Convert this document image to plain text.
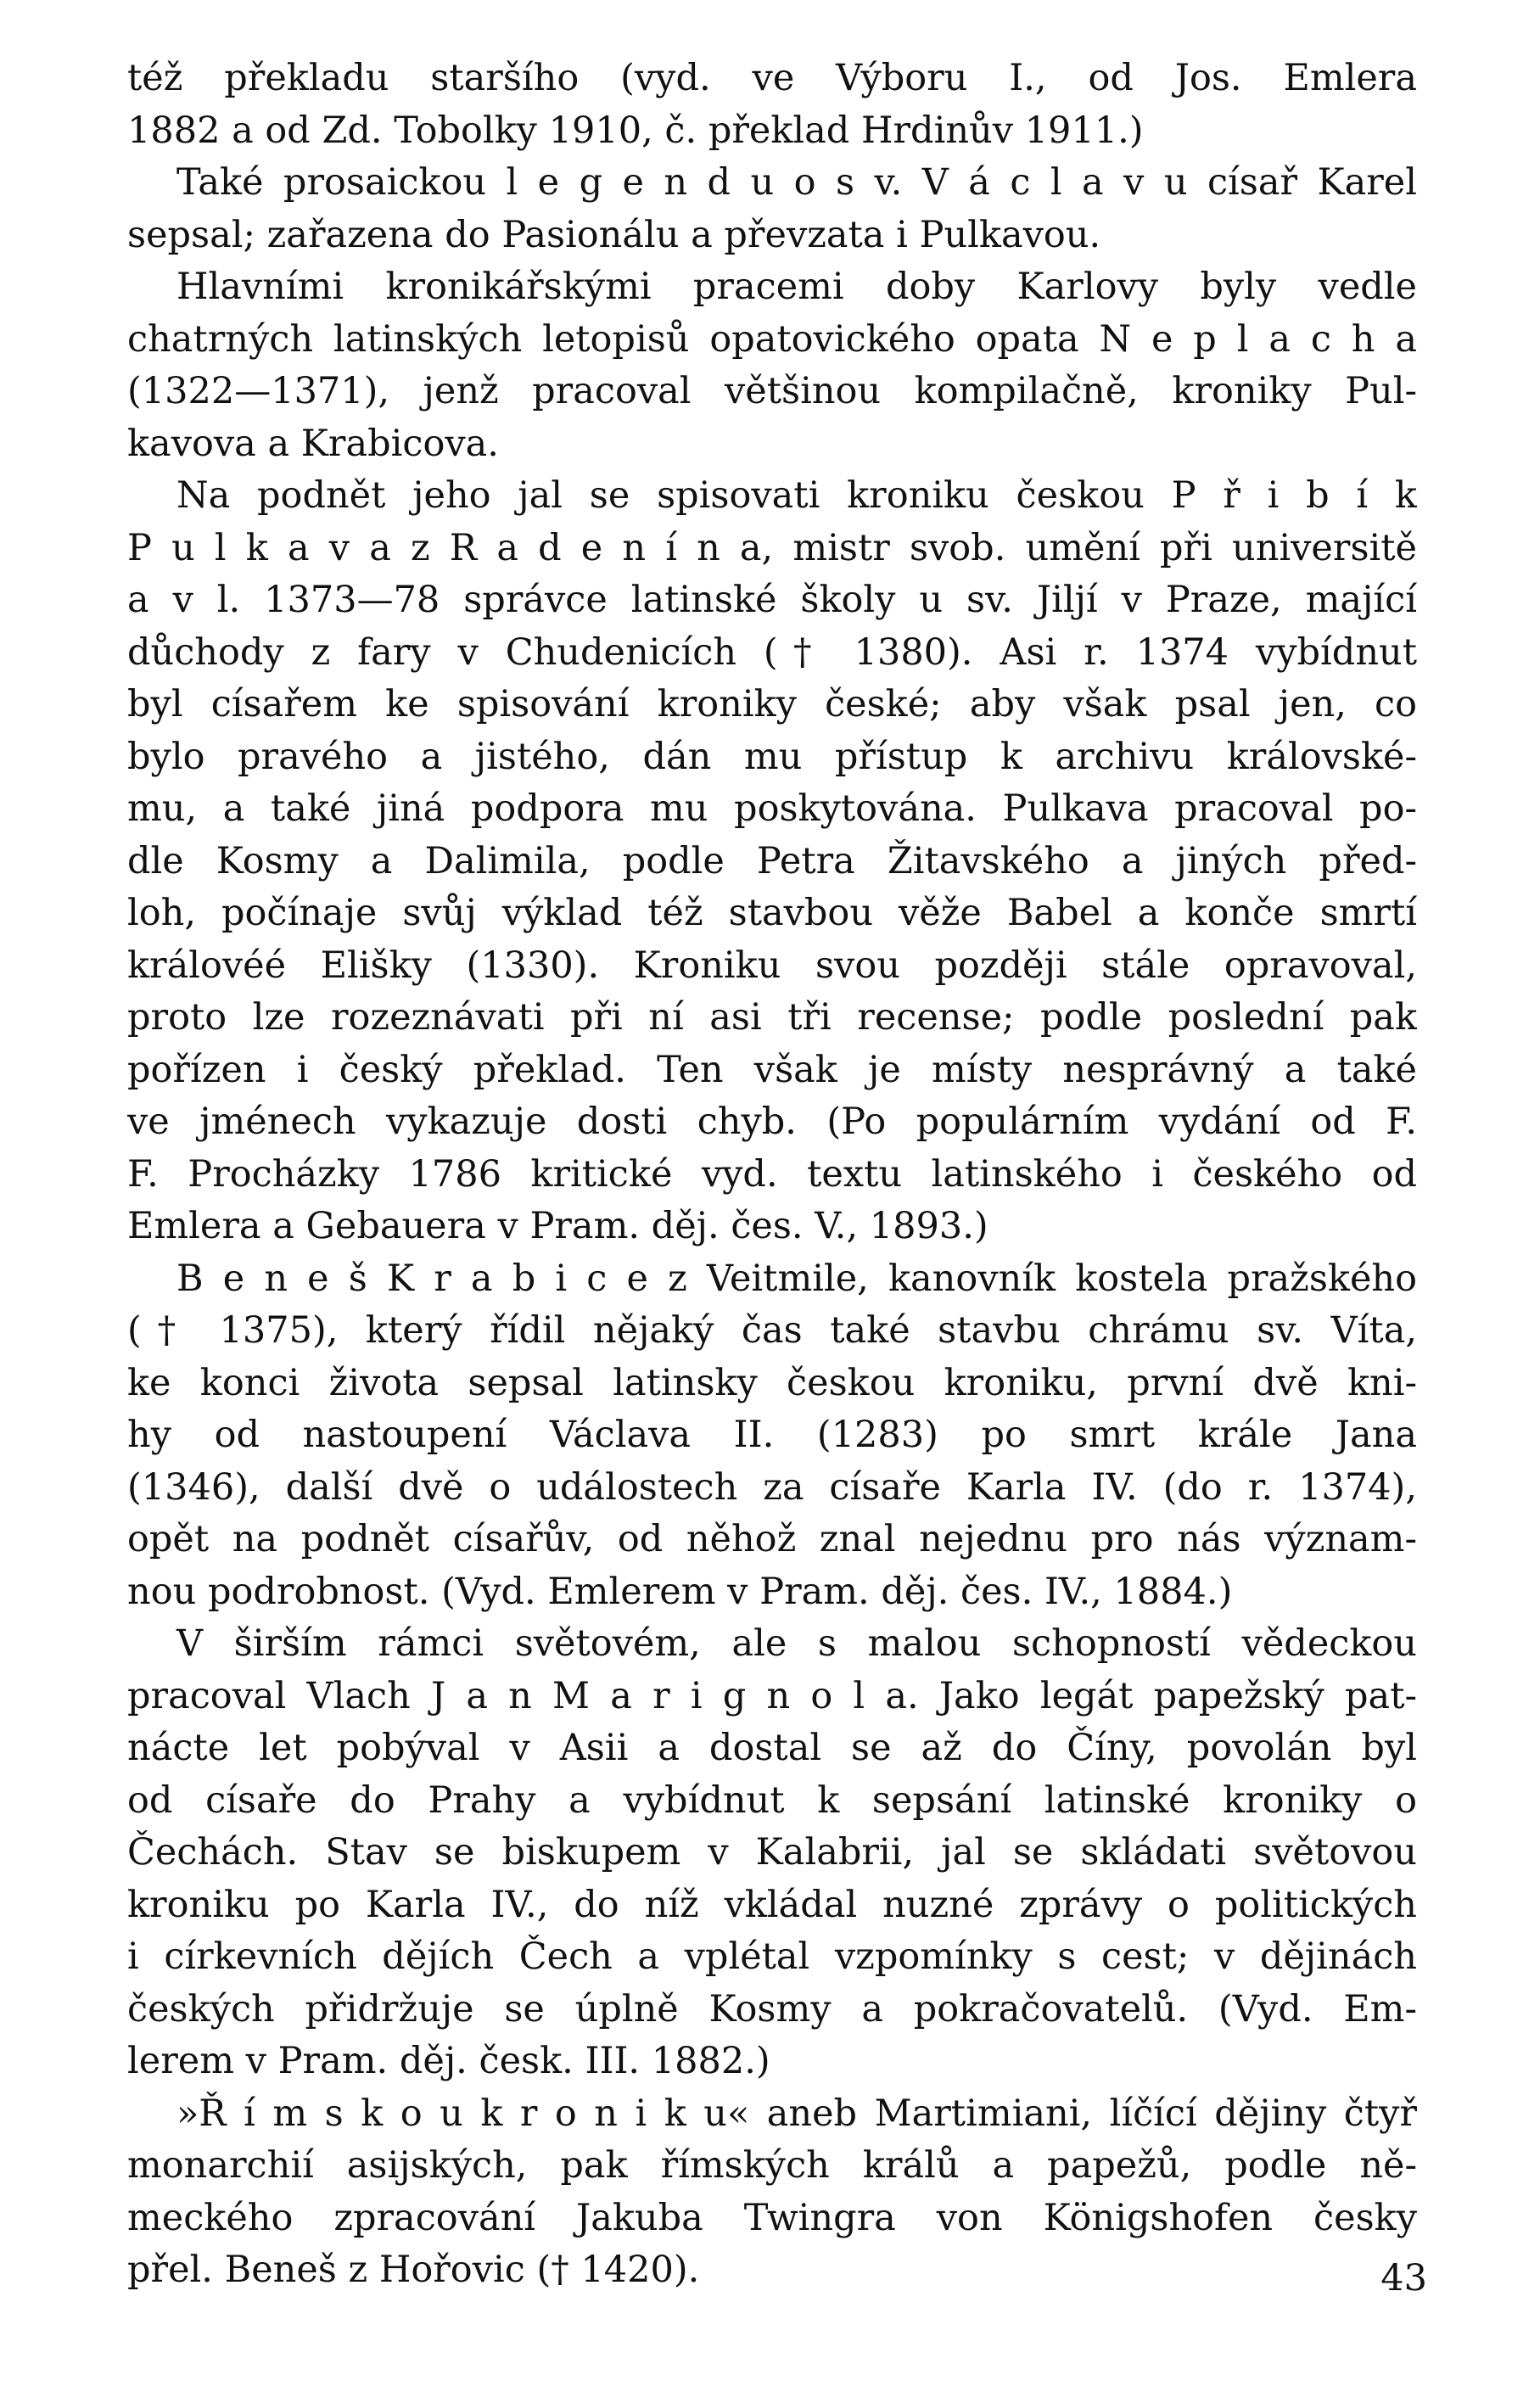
též překladu staršího (vyd. ve Výboru I., od Jos. Emlera
1882 a od Zd. Tobolky 1910, č. překlad Hrdinův 1911.)
Také prosaickou l e g e n d u o s v. V á c l a v u císař Karel
sepsal; zařazena do Pasionálu a převzata i Pulkavou.
Hlavními kronikářskými pracemi doby Karlovy byly vedle
chatrných latinských letopisů opatovického opata N e p l a c h a
(1322—1371), jenž pracoval většinou kompilačně, kroniky Pul-
kavova a Krabicova.
Na podnět jeho jal se spisovati kroniku českou P ř i b í k
P u l k a v a z R a d e n í n a, mistr svob. umění při universitě
a v l. 1373—78 správce latinské školy u sv. Jiljí v Praze, mající
důchody z fary v Chudenicích († 1380). Asi r. 1374 vybídnut
byl císařem ke spisování kroniky české; aby však psal jen, co
bylo pravého a jistého, dán mu přístup k archivu královské-
mu, a také jiná podpora mu poskytována. Pulkava pracoval po-
dle Kosmy a Dalimila, podle Petra Žitavského a jiných před-
loh, počínaje svůj výklad též stavbou věže Babel a konče smrtí
královéé Elišky (1330). Kroniku svou později stále opravoval,
proto lze rozeznávati při ní asi tři recense; podle poslední pak
pořízen i český překlad. Ten však je místy nesprávný a také
ve jménech vykazuje dosti chyb. (Po populárním vydání od F.
F. Procházky 1786 kritické vyd. textu latinského i českého od
Emlera a Gebauera v Pram. děj. čes. V., 1893.)
B e n e š K r a b i c e z Veitmile, kanovník kostela pražského
(† 1375), který řídil nějaký čas také stavbu chrámu sv. Víta,
ke konci života sepsal latinsky českou kroniku, první dvě kni-
hy od nastoupení Václava II. (1283) po smrt krále Jana
(1346), další dvě o událostech za císaře Karla IV. (do r. 1374),
opět na podnět císařův, od něhož znal nejednu pro nás význam-
nou podrobnost. (Vyd. Emlerem v Pram. děj. čes. IV., 1884.)
V širším rámci světovém, ale s malou schopností vědeckou
pracoval Vlach J a n M a r i g n o l a. Jako legát papežský pat-
nácte let pobýval v Asii a dostal se až do Číny, povolán byl
od císaře do Prahy a vybídnut k sepsání latinské kroniky o
Čechách. Stav se biskupem v Kalabrii, jal se skládati světovou
kroniku po Karla IV., do níž vkládal nuzné zprávy o politických
i církevních dějích Čech a vplétal vzpomínky s cest; v dějinách
českých přidržuje se úplně Kosmy a pokračovatelů. (Vyd. Em-
lerem v Pram. děj. česk. III. 1882.)
»Ř í m s k o u k r o n i k u« aneb Martimiani, líčící dějiny čtyř
monarchií asijských, pak římských králů a papežů, podle ně-
meckého zpracování Jakuba Twingra von Königshofen česky
přel. Beneš z Hořovic († 1420).	43
